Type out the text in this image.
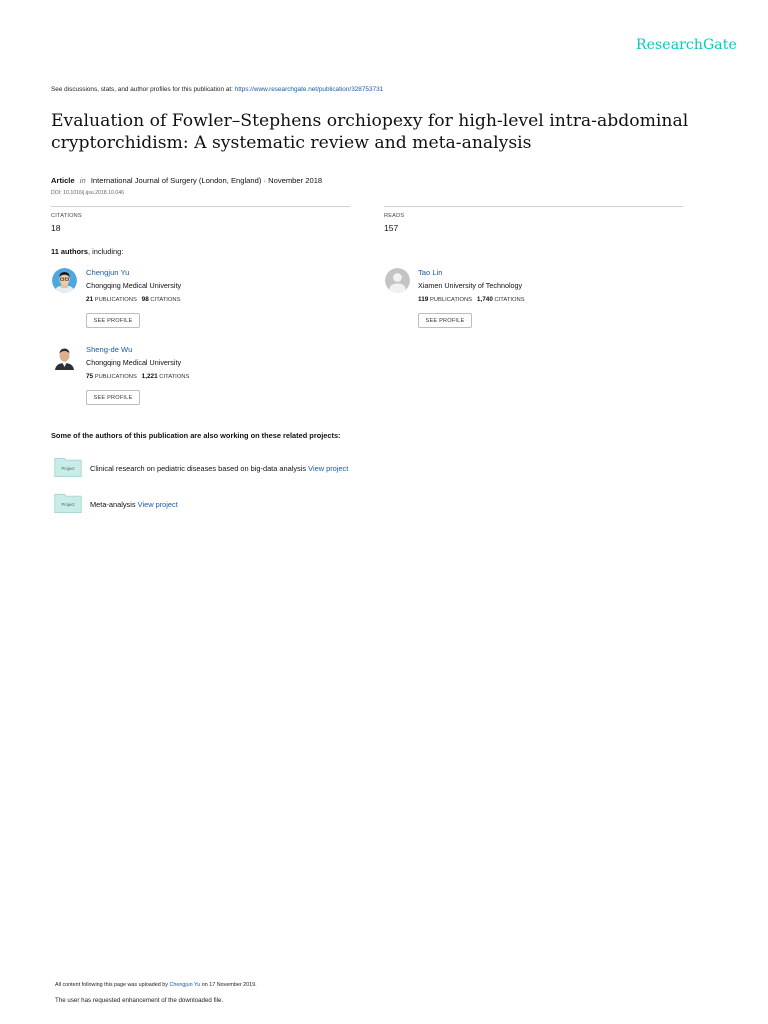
ResearchGate
See discussions, stats, and author profiles for this publication at: https://www.researchgate.net/publication/328753731
Evaluation of Fowler–Stephens orchiopexy for high-level intra-abdominal
cryptorchidism: A systematic review and meta-analysis
Article in International Journal of Surgery (London, England) · November 2018
DOI: 10.1016/j.ijsu.2018.10.046
CITATIONS
18
READS
157
11 authors, including:
Chengjun Yu
Chongqing Medical University
21 PUBLICATIONS 98 CITATIONS
SEE PROFILE
Tao Lin
Xiamen University of Technology
119 PUBLICATIONS 1,740 CITATIONS
SEE PROFILE
Sheng-de Wu
Chongqing Medical University
75 PUBLICATIONS 1,221 CITATIONS
SEE PROFILE
Some of the authors of this publication are also working on these related projects:
Project Clinical research on pediatric diseases based on big-data analysis View project
Project Meta-analysis View project
All content following this page was uploaded by Chengjun Yu on 17 November 2019.
The user has requested enhancement of the downloaded file.
